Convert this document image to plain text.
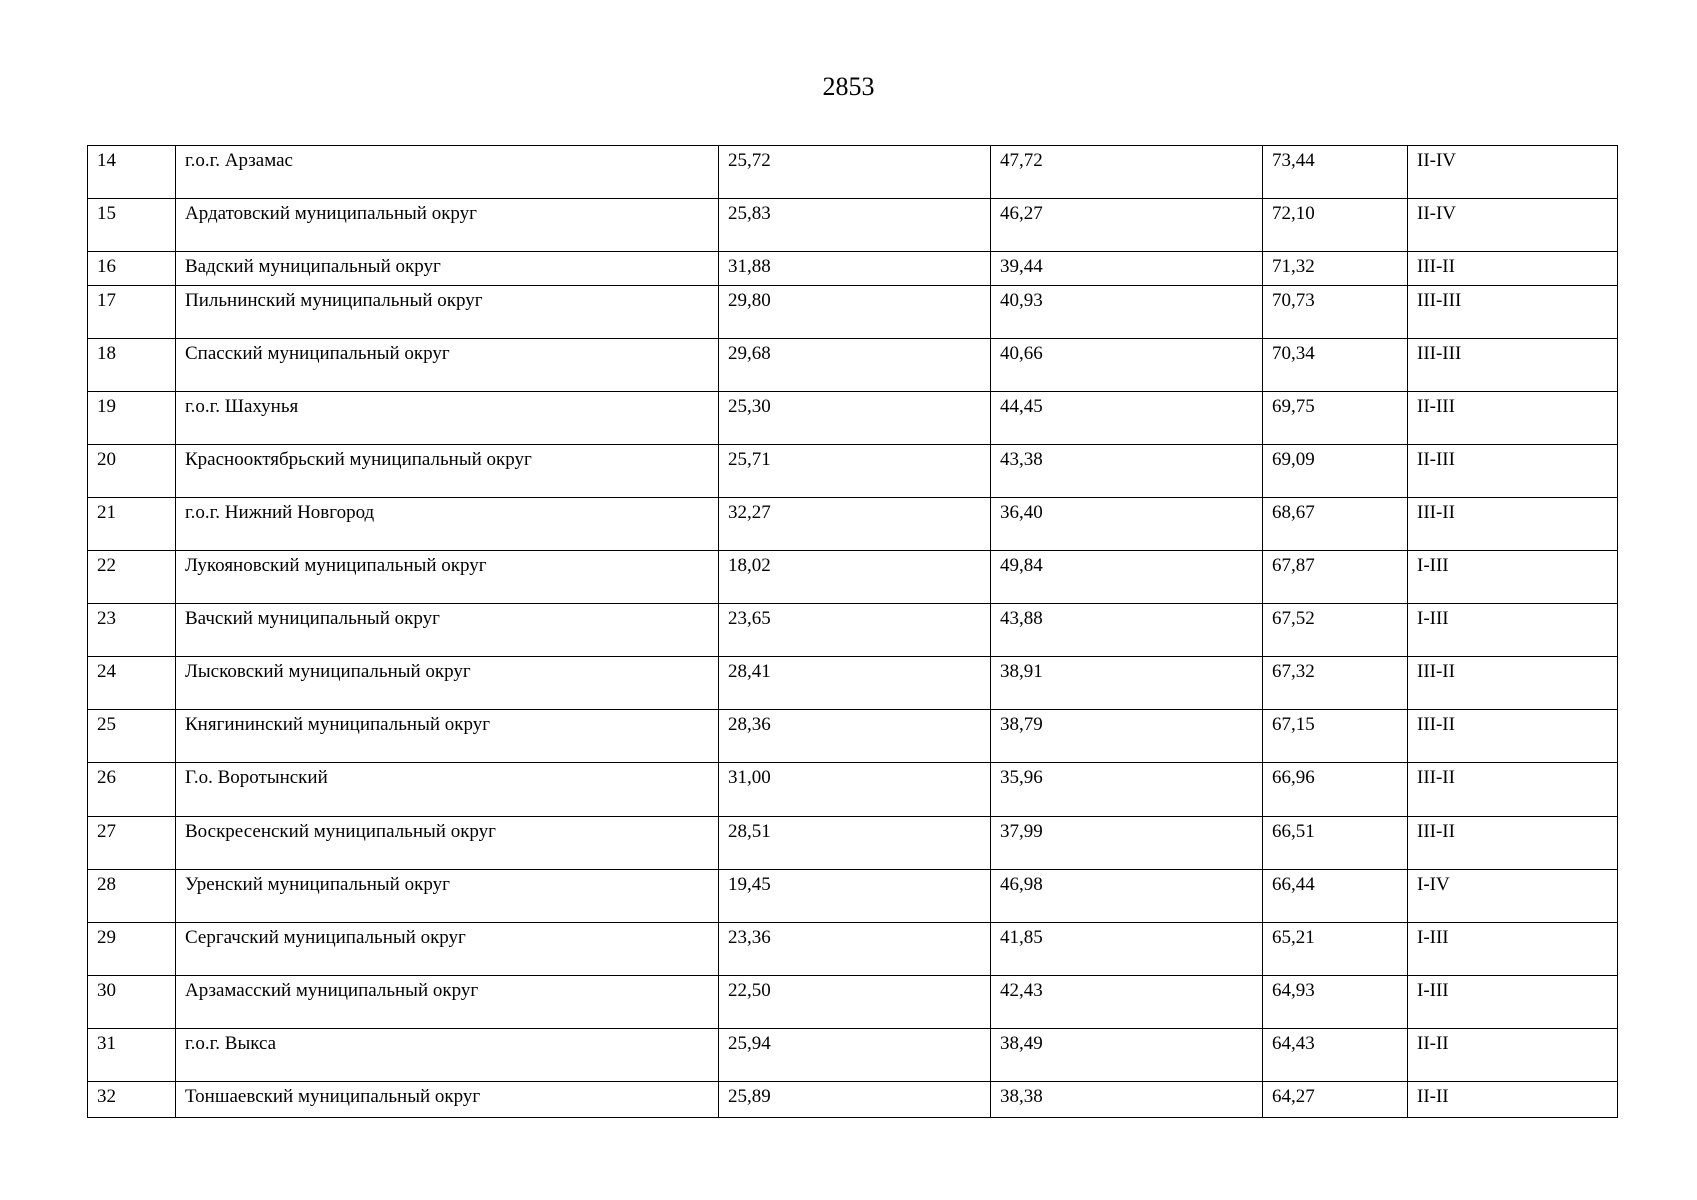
2853
14	г.о.г. Арзамас	25,72	47,72	73,44	II-IV
15	Ардатовский муниципальный округ	25,83	46,27	72,10	II-IV
16	Вадский муниципальный округ	31,88	39,44	71,32	III-II
17	Пильнинский муниципальный округ	29,80	40,93	70,73	III-III
18	Спасский муниципальный округ	29,68	40,66	70,34	III-III
19	г.о.г. Шахунья	25,30	44,45	69,75	II-III
20	Краснооктябрьский муниципальный округ	25,71	43,38	69,09	II-III
21	г.о.г. Нижний Новгород	32,27	36,40	68,67	III-II
22	Лукояновский муниципальный округ	18,02	49,84	67,87	I-III
23	Вачский муниципальный округ	23,65	43,88	67,52	I-III
24	Лысковский муниципальный округ	28,41	38,91	67,32	III-II
25	Княгининский муниципальный округ	28,36	38,79	67,15	III-II
26	Г.о. Воротынский	31,00	35,96	66,96	III-II
27	Воскресенский муниципальный округ	28,51	37,99	66,51	III-II
28	Уренский муниципальный округ	19,45	46,98	66,44	I-IV
29	Сергачский муниципальный округ	23,36	41,85	65,21	I-III
30	Арзамасский муниципальный округ	22,50	42,43	64,93	I-III
31	г.о.г. Выкса	25,94	38,49	64,43	II-II
32	Тоншаевский муниципальный округ	25,89	38,38	64,27	II-II
